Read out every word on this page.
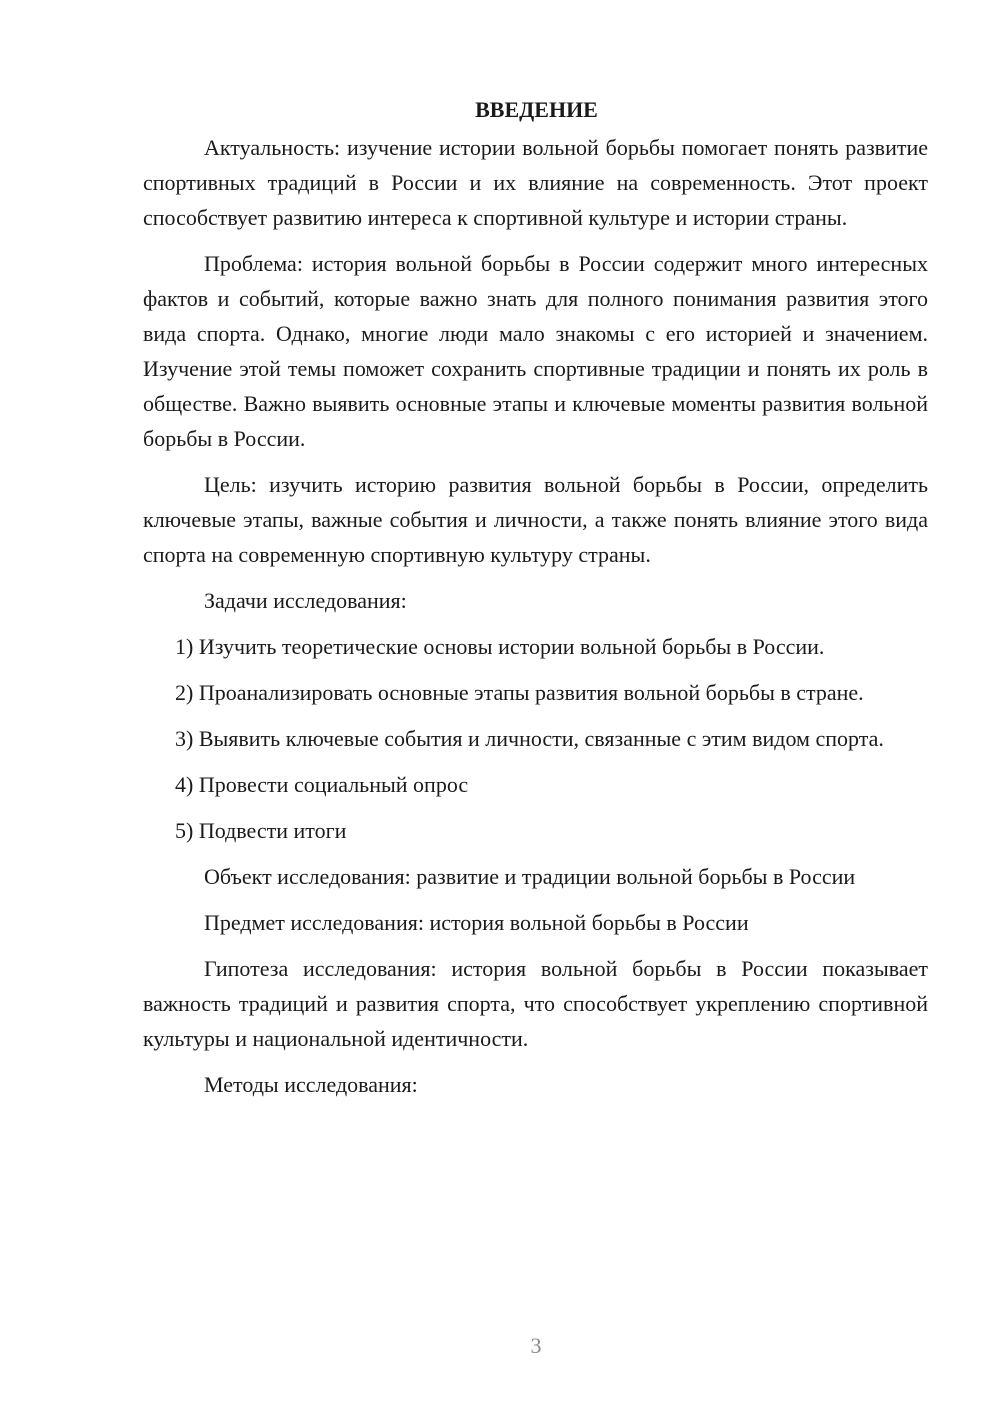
ВВЕДЕНИЕ

Актуальность: изучение истории вольной борьбы помогает понять развитие спортивных традиций в России и их влияние на современность. Этот проект способствует развитию интереса к спортивной культуре и истории страны.

Проблема: история вольной борьбы в России содержит много интересных фактов и событий, которые важно знать для полного понимания развития этого вида спорта. Однако, многие люди мало знакомы с его историей и значением. Изучение этой темы поможет сохранить спортивные традиции и понять их роль в обществе. Важно выявить основные этапы и ключевые моменты развития вольной борьбы в России.

Цель: изучить историю развития вольной борьбы в России, определить ключевые этапы, важные события и личности, а также понять влияние этого вида спорта на современную спортивную культуру страны.

Задачи исследования:

1) Изучить теоретические основы истории вольной борьбы в России.

2) Проанализировать основные этапы развития вольной борьбы в стране.

3) Выявить ключевые события и личности, связанные с этим видом спорта.

4) Провести социальный опрос

5) Подвести итоги

Объект исследования: развитие и традиции вольной борьбы в России

Предмет исследования: история вольной борьбы в России

Гипотеза исследования: история вольной борьбы в России показывает важность традиций и развития спорта, что способствует укреплению спортивной культуры и национальной идентичности.

Методы исследования:

3
